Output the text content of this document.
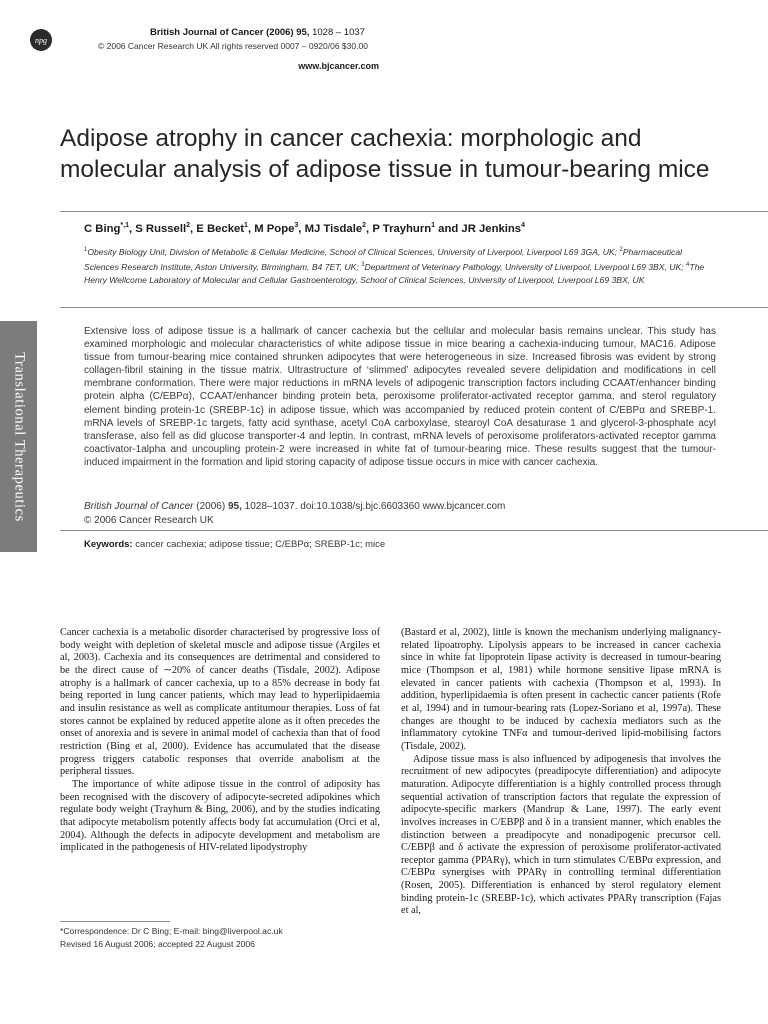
npg
British Journal of Cancer (2006) 95, 1028 – 1037
© 2006 Cancer Research UK All rights reserved 0007 – 0920/06 $30.00
www.bjcancer.com
Adipose atrophy in cancer cachexia: morphologic and molecular analysis of adipose tissue in tumour-bearing mice
C Bing$^{*,1}$, S Russell$^2$, E Becket$^1$, M Pope$^3$, MJ Tisdale$^2$, P Trayhurn$^1$ and JR Jenkins$^4$
$^1$Obesity Biology Unit, Division of Metabolic & Cellular Medicine, School of Clinical Sciences, University of Liverpool, Liverpool L69 3GA, UK; $^2$Pharmaceutical Sciences Research Institute, Aston University, Birmingham, B4 7ET, UK; $^3$Department of Veterinary Pathology, University of Liverpool, Liverpool L69 3BX, UK; $^4$The Henry Wellcome Laboratory of Molecular and Cellular Gastroenterology, School of Clinical Sciences, University of Liverpool, Liverpool L69 3BX, UK
Translational Therapeutics

Extensive loss of adipose tissue is a hallmark of cancer cachexia but the cellular and molecular basis remains unclear. This study has examined morphologic and molecular characteristics of white adipose tissue in mice bearing a cachexia-inducing tumour, MAC16. Adipose tissue from tumour-bearing mice contained shrunken adipocytes that were heterogeneous in size. Increased fibrosis was evident by strong collagen-fibril staining in the tissue matrix. Ultrastructure of ‘slimmed’ adipocytes revealed severe delipidation and modifications in cell membrane conformation. There were major reductions in mRNA levels of adipogenic transcription factors including CCAAT/enhancer binding protein alpha (C/EBPα), CCAAT/enhancer binding protein beta, peroxisome proliferator-activated receptor gamma, and sterol regulatory element binding protein-1c (SREBP-1c) in adipose tissue, which was accompanied by reduced protein content of C/EBPα and SREBP-1. mRNA levels of SREBP-1c targets, fatty acid synthase, acetyl CoA carboxylase, stearoyl CoA desaturase 1 and glycerol-3-phosphate acyl transferase, also fell as did glucose transporter-4 and leptin. In contrast, mRNA levels of peroxisome proliferators-activated receptor gamma coactivator-1alpha and uncoupling protein-2 were increased in white fat of tumour-bearing mice. These results suggest that the tumour-induced impairment in the formation and lipid storing capacity of adipose tissue occurs in mice with cancer cachexia.

British Journal of Cancer (2006) 95, 1028–1037. doi:10.1038/sj.bjc.6603360 www.bjcancer.com
© 2006 Cancer Research UK
Keywords: cancer cachexia; adipose tissue; C/EBPα; SREBP-1c; mice

Cancer cachexia is a metabolic disorder characterised by progressive loss of body weight with depletion of skeletal muscle and adipose tissue (Argiles et al, 2003). Cachexia and its consequences are detrimental and considered to be the direct cause of ∼20% of cancer deaths (Tisdale, 2002). Adipose atrophy is a hallmark of cancer cachexia, up to a 85% decrease in body fat being reported in lung cancer patients, which may lead to hyperlipidaemia and insulin resistance as well as complicate antitumour therapies. Loss of fat stores cannot be explained by reduced appetite alone as it often precedes the onset of anorexia and is severe in animal model of cachexia than that of food restriction (Bing et al, 2000). Evidence has accumulated that the disease progress triggers catabolic responses that override anabolism at the peripheral tissues.

The importance of white adipose tissue in the control of adiposity has been recognised with the discovery of adipocyte-secreted adipokines which regulate body weight (Trayhurn & Bing, 2006), and by the studies indicating that adipocyte metabolism potently affects body fat accumulation (Orci et al, 2004). Although the defects in adipocyte development and metabolism are implicated in the pathogenesis of HIV-related lipodystrophy

(Bastard et al, 2002), little is known the mechanism underlying malignancy-related lipoatrophy. Lipolysis appears to be increased in cancer cachexia since in white fat lipoprotein lipase activity is decreased in tumour-bearing mice (Thompson et al, 1981) while hormone sensitive lipase mRNA is elevated in cancer patients with cachexia (Thompson et al, 1993). In addition, hyperlipidaemia is often present in cachectic cancer patients (Rofe et al, 1994) and in tumour-bearing rats (Lopez-Soriano et al, 1997a). These changes are thought to be induced by cachexia mediators such as the inflammatory cytokine TNFα and tumour-derived lipid-mobilising factors (Tisdale, 2002).

Adipose tissue mass is also influenced by adipogenesis that involves the recruitment of new adipocytes (preadipocyte differentiation) and adipocyte maturation. Adipocyte differentiation is a highly controlled process through sequential activation of transcription factors that regulate the expression of adipocyte-specific markers (Mandrup & Lane, 1997). The early event involves increases in C/EBPβ and δ in a transient manner, which enables the distinction between a preadipocyte and nonadipogenic precursor cell. C/EBPβ and δ activate the expression of peroxisome proliferator-activated receptor gamma (PPARγ), which in turn stimulates C/EBPα expression, and C/EBPα synergises with PPARγ in controlling terminal differentiation (Rosen, 2005). Differentiation is enhanced by sterol regulatory element binding protein-1c (SREBP-1c), which activates PPARγ transcription (Fajas et al,

*Correspondence: Dr C Bing; E-mail: bing@liverpool.ac.uk
Revised 16 August 2006; accepted 22 August 2006
